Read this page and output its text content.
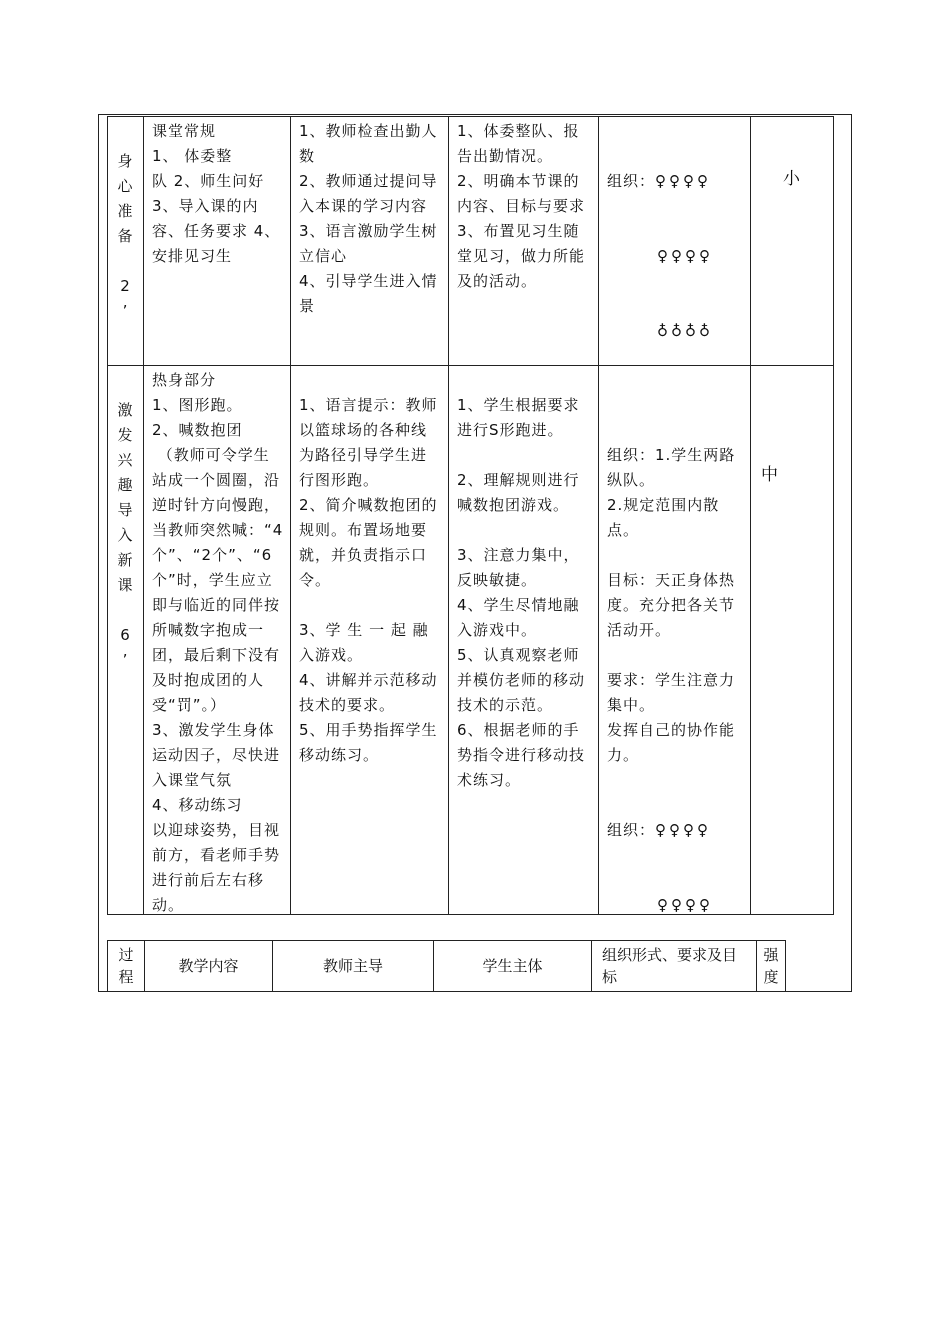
身
心
准
备

2
’
课堂常规
1、 体委整
队 2、师生问好 3、导入课的内容、任务要求 4、安排见习生
1、教师检查出勤人数
2、教师通过提问导入本课的学习内容
3、语言激励学生树立信心
4、引导学生进入情景
1、体委整队、报告出勤情况。
2、明确本节课的内容、目标与要求
3、布置见习生随堂见习，做力所能及的活动。

组织： ♀♀♀♀

♀♀♀♀

♁♁♁♁

小
激
发
兴
趣
导
入
新
课

6
’
热身部分
1、图形跑。
2、喊数抱团
（教师可令学生站成一个圆圈，沿逆时针方向慢跑，当教师突然喊：“4个”、“2个”、“6个”时，学生应立即与临近的同伴按所喊数字抱成一团，最后剩下没有及时抱成团的人受“罚”。）
3、激发学生身体运动因子，尽快进入课堂气氛
4、移动练习
以迎球姿势，目视前方，看老师手势进行前后左右移动。

1、语言提示：教师以篮球场的各种线为路径引导学生进行图形跑。
2、简介喊数抱团的规则。布置场地要就，并负责指示口令。

3、学 生 一 起 融 入游戏。
4、讲解并示范移动技术的要求。
5、用手势指挥学生移动练习。

1、学生根据要求进行S形跑进。

2、理解规则进行喊数抱团游戏。

3、注意力集中，反映敏捷。
4、学生尽情地融入游戏中。
5、认真观察老师并模仿老师的移动技术的示范。
6、根据老师的手势指令进行移动技术练习。

组织：1.学生两路纵队。
2.规定范围内散点。

目标：天正身体热度。充分把各关节活动开。

要求：学生注意力集中。
发挥自己的协作能力。

组织： ♀♀♀♀

♀♀♀♀

中
过程
教学内容	教师主导	学生主体
组织形式、要求及目标
强度
